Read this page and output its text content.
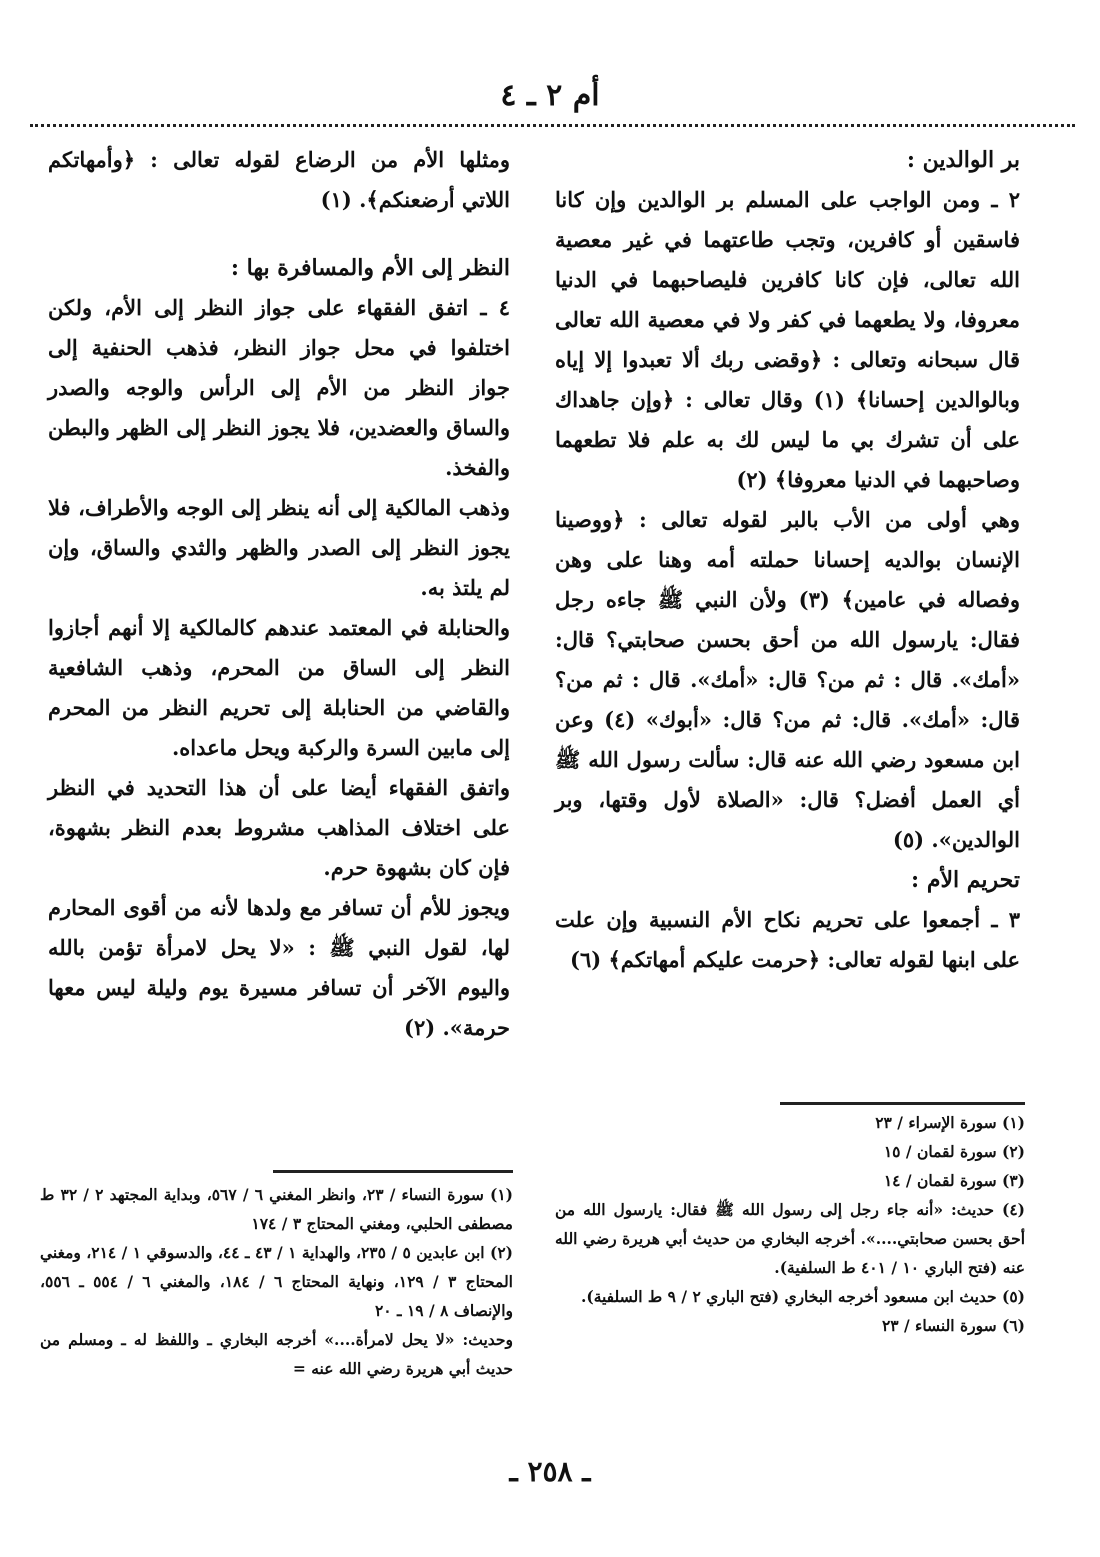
أم ٢ ـ ٤

بر الوالدين :

٢ ـ ومن الواجب على المسلم بر الوالدين وإن كانا فاسقين أو كافرين، وتجب طاعتهما في غير معصية الله تعالى، فإن كانا كافرين فليصاحبهما في الدنيا معروفا، ولا يطعهما في كفر ولا في معصية الله تعالى قال سبحانه وتعالى : ﴿وقضى ربك ألا تعبدوا إلا إياه وبالوالدين إحسانا﴾ (١) وقال تعالى : ﴿وإن جاهداك على أن تشرك بي ما ليس لك به علم فلا تطعهما وصاحبهما في الدنيا معروفا﴾ (٢)

وهي أولى من الأب بالبر لقوله تعالى : ﴿ووصينا الإنسان بوالديه إحسانا حملته أمه وهنا على وهن وفصاله في عامين﴾ (٣) ولأن النبي ﷺ جاءه رجل فقال: يارسول الله من أحق بحسن صحابتي؟ قال: «أمك». قال : ثم من؟ قال: «أمك». قال : ثم من؟ قال: «أمك». قال: ثم من؟ قال: «أبوك» (٤) وعن ابن مسعود رضي الله عنه قال: سألت رسول الله ﷺ أي العمل أفضل؟ قال: «الصلاة لأول وقتها، وبر الوالدين». (٥)

تحريم الأم :

٣ ـ أجمعوا على تحريم نكاح الأم النسبية وإن علت على ابنها لقوله تعالى: ﴿حرمت عليكم أمهاتكم﴾ (٦)

ومثلها الأم من الرضاع لقوله تعالى : ﴿وأمهاتكم اللاتي أرضعنكم﴾. (١)

النظر إلى الأم والمسافرة بها :

٤ ـ اتفق الفقهاء على جواز النظر إلى الأم، ولكن اختلفوا في محل جواز النظر، فذهب الحنفية إلى جواز النظر من الأم إلى الرأس والوجه والصدر والساق والعضدين، فلا يجوز النظر إلى الظهر والبطن والفخذ.

وذهب المالكية إلى أنه ينظر إلى الوجه والأطراف، فلا يجوز النظر إلى الصدر والظهر والثدي والساق، وإن لم يلتذ به.

والحنابلة في المعتمد عندهم كالمالكية إلا أنهم أجازوا النظر إلى الساق من المحرم، وذهب الشافعية والقاضي من الحنابلة إلى تحريم النظر من المحرم إلى مابين السرة والركبة ويحل ماعداه.

واتفق الفقهاء أيضا على أن هذا التحديد في النظر على اختلاف المذاهب مشروط بعدم النظر بشهوة، فإن كان بشهوة حرم.

ويجوز للأم أن تسافر مع ولدها لأنه من أقوى المحارم لها، لقول النبي ﷺ : «لا يحل لامرأة تؤمن بالله واليوم الآخر أن تسافر مسيرة يوم وليلة ليس معها حرمة». (٢)

(١) سورة الإسراء / ٢٣

(٢) سورة لقمان / ١٥

(٣) سورة لقمان / ١٤

(٤) حديث: «أنه جاء رجل إلى رسول الله ﷺ فقال: يارسول الله من أحق بحسن صحابتي....». أخرجه البخاري من حديث أبي هريرة رضي الله عنه (فتح الباري ١٠ / ٤٠١ ط السلفية).

(٥) حديث ابن مسعود أخرجه البخاري (فتح الباري ٢ / ٩ ط السلفية).

(٦) سورة النساء / ٢٣

(١) سورة النساء / ٢٣، وانظر المغني ٦ / ٥٦٧، وبداية المجتهد ٢ / ٣٢ ط مصطفى الحلبي، ومغني المحتاج ٣ / ١٧٤

(٢) ابن عابدين ٥ / ٢٣٥، والهداية ١ / ٤٣ ـ ٤٤، والدسوقي ١ / ٢١٤، ومغني المحتاج ٣ / ١٢٩، ونهاية المحتاج ٦ / ١٨٤، والمغني ٦ / ٥٥٤ ـ ٥٥٦، والإنصاف ٨ / ١٩ ـ ٢٠

وحديث: «لا يحل لامرأة....» أخرجه البخاري ـ واللفظ له ـ ومسلم من حديث أبي هريرة رضي الله عنه =

ـ ٢٥٨ ـ
